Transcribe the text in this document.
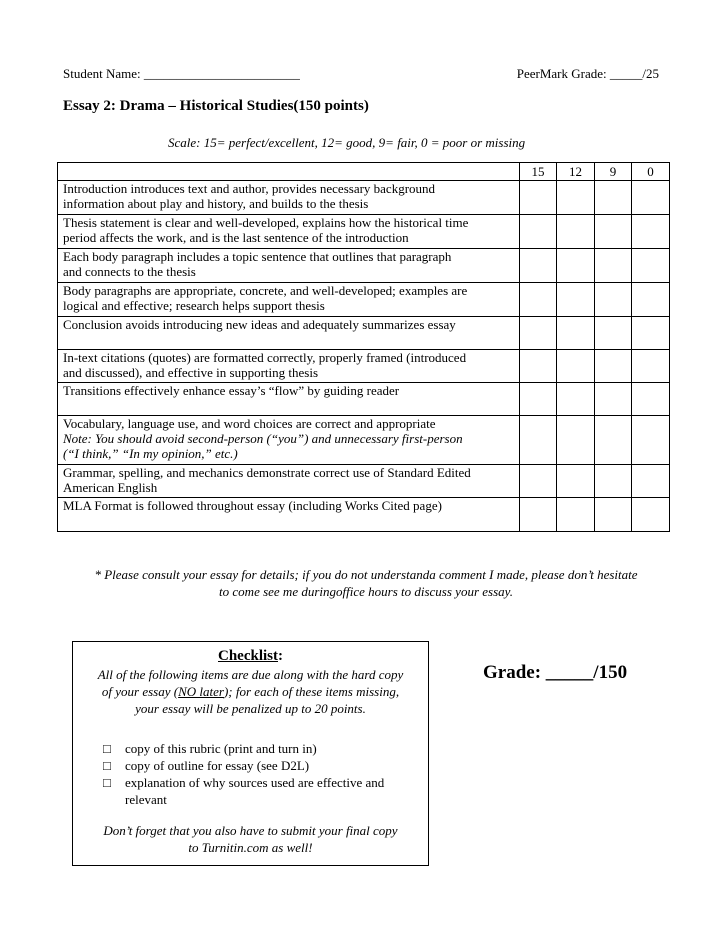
Student Name: ________________________	PeerMark Grade: _____/25
Essay 2: Drama – Historical Studies(150 points)
Scale: 15= perfect/excellent, 12= good, 9= fair, 0 = poor or missing
	15	12	9	0

Introduction introduces text and author, provides necessary background
information about play and history, and builds to the thesis				

Thesis statement is clear and well-developed, explains how the historical time
period affects the work, and is the last sentence of the introduction				

Each body paragraph includes a topic sentence that outlines that paragraph
and connects to the thesis				

Body paragraphs are appropriate, concrete, and well-developed; examples are
logical and effective; research helps support thesis				

Conclusion avoids introducing new ideas and adequately summarizes essay				

In-text citations (quotes) are formatted correctly, properly framed (introduced
and discussed), and effective in supporting thesis				

Transitions effectively enhance essay’s “flow” by guiding reader				

Vocabulary, language use, and word choices are correct and appropriate
Note: You should avoid second-person (“you”) and unnecessary first-person
(“I think,” “In my opinion,” etc.)				

Grammar, spelling, and mechanics demonstrate correct use of Standard Edited
American English				

MLA Format is followed throughout essay (including Works Cited page)				

* Please consult your essay for details; if you do not understanda comment I made, please don’t hesitate
to come see me duringoffice hours to discuss your essay.
Checklist:
All of the following items are due along with the hard copy
of your essay (NO later); for each of these items missing,
your essay will be penalized up to 20 points.
□	copy of this rubric (print and turn in)
□	copy of outline for essay (see D2L)
□	explanation of why sources used are effective and relevant
Don’t forget that you also have to submit your final copy
to Turnitin.com as well!
Grade: _____/150
